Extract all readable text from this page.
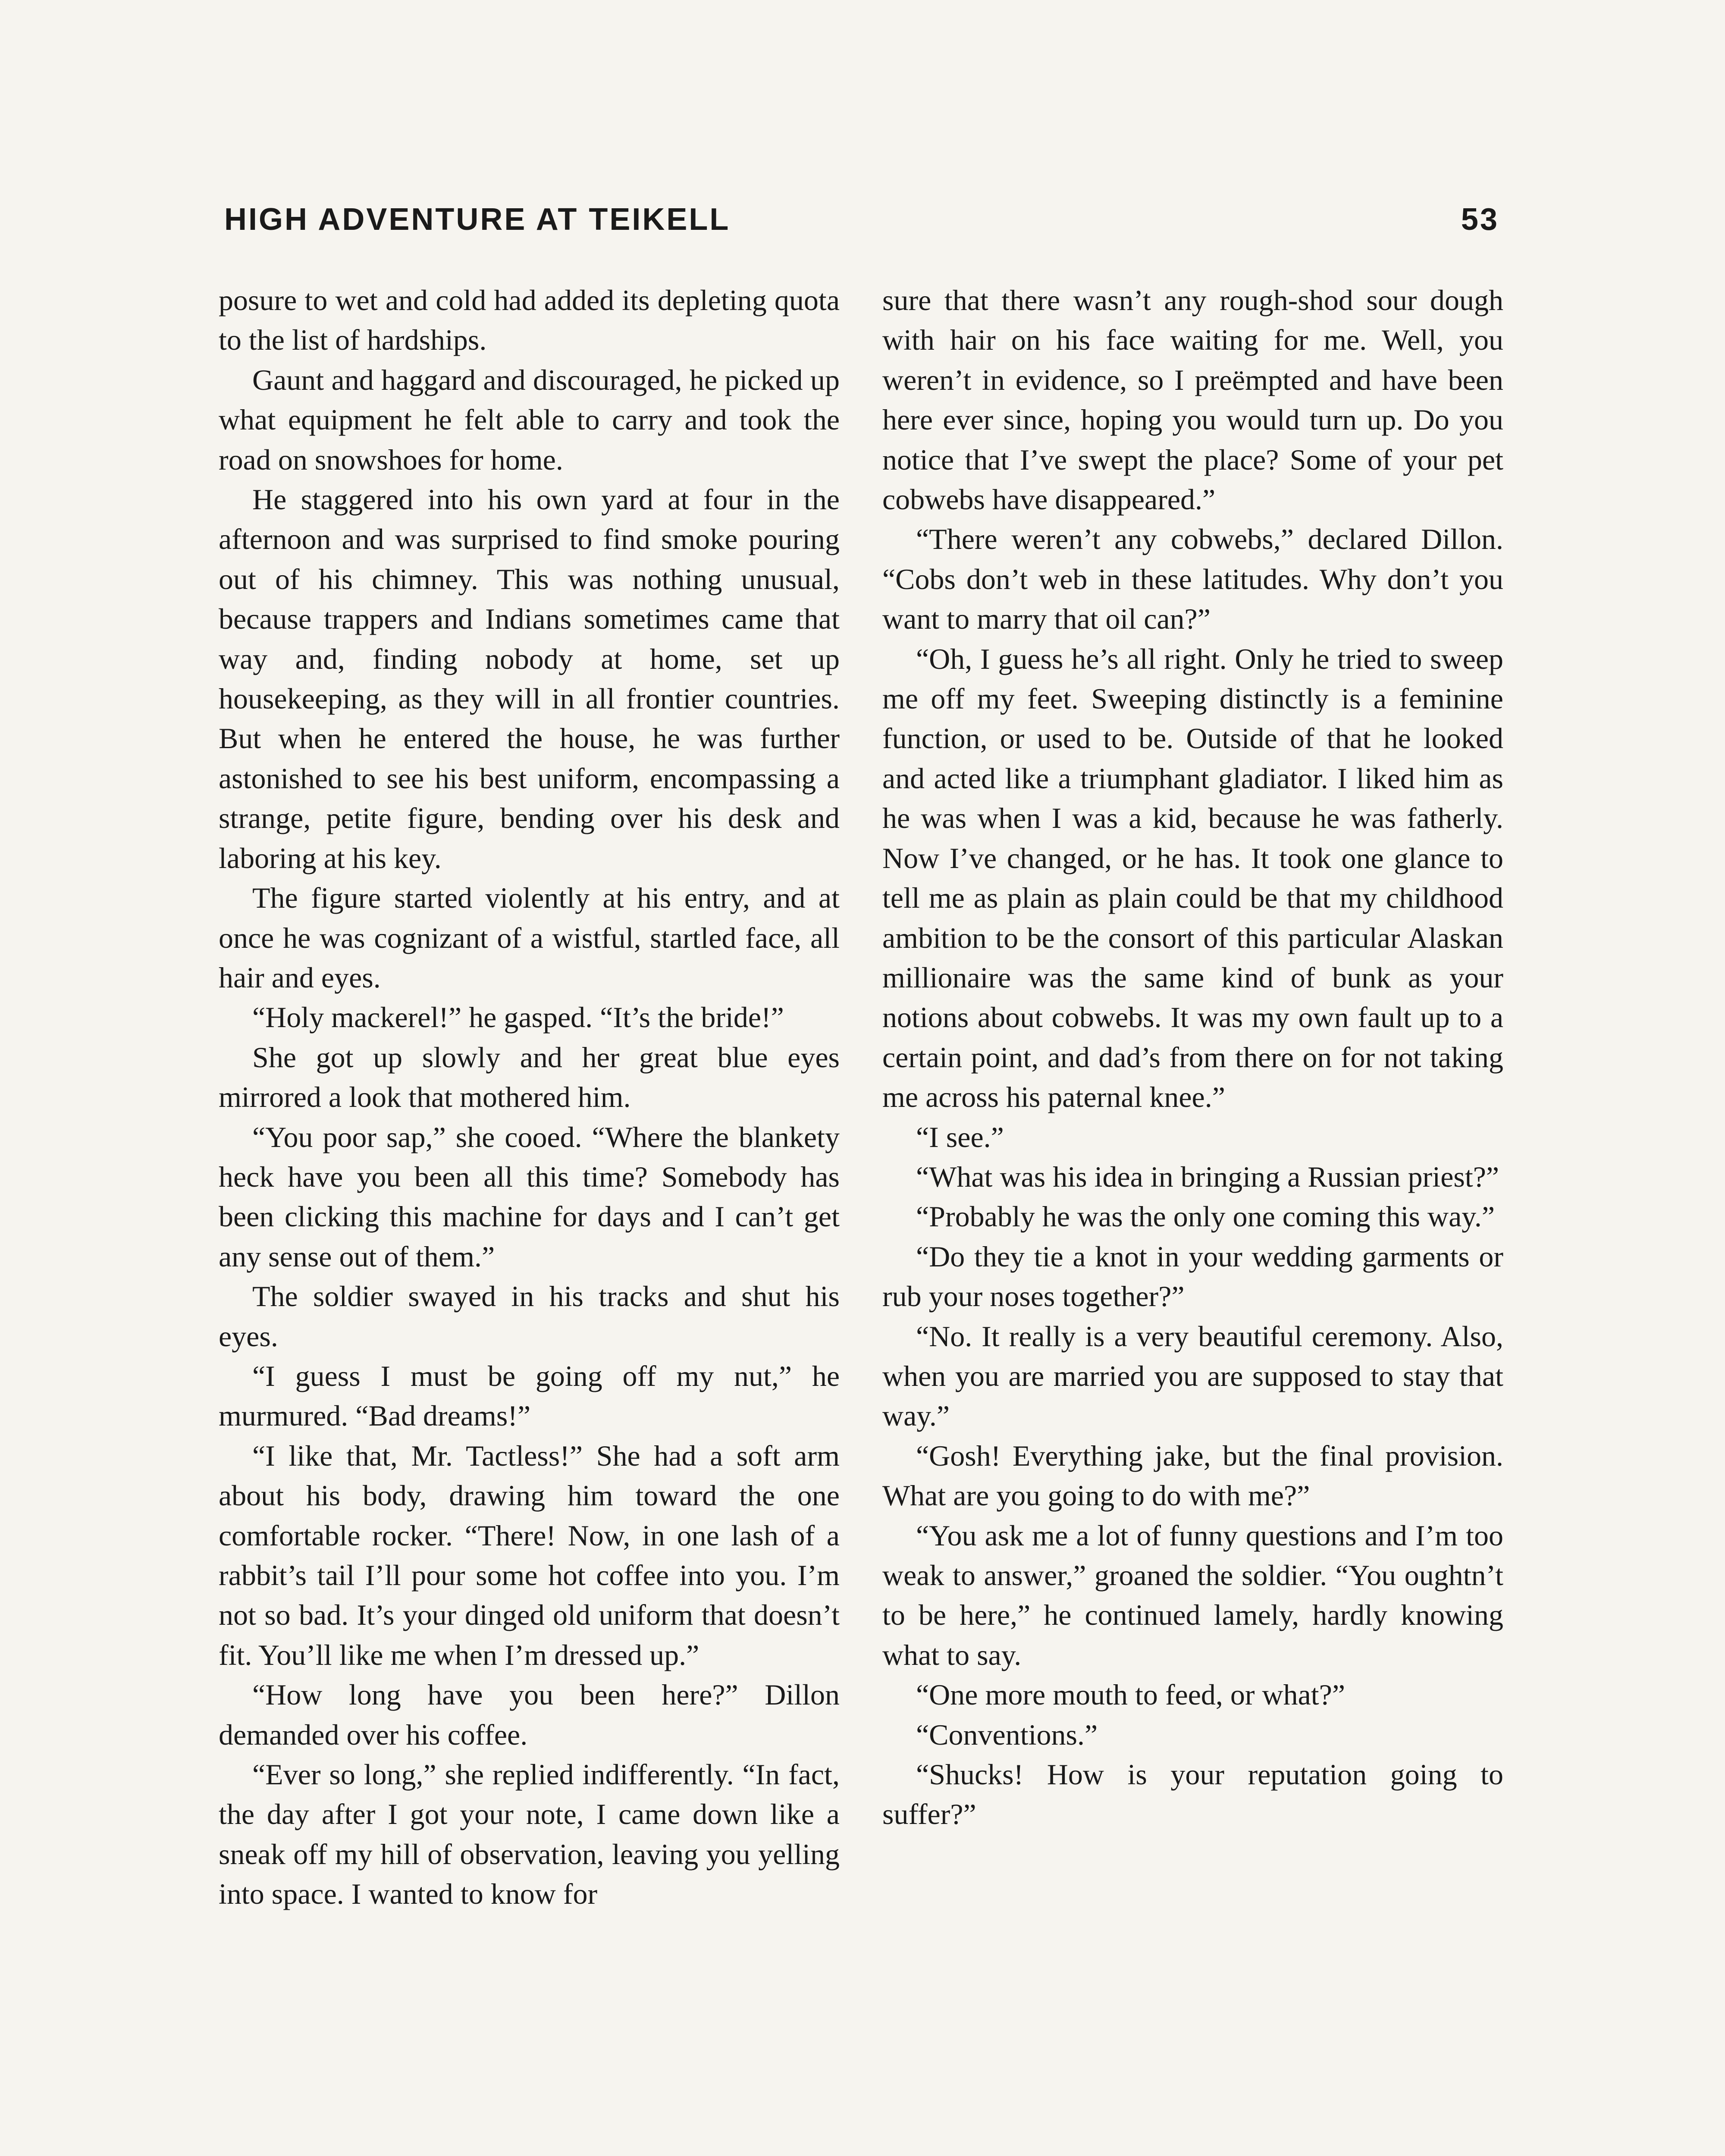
HIGH ADVENTURE AT TEIKELL	53

posure to wet and cold had added its depleting quota to the list of hardships.

Gaunt and haggard and discouraged, he picked up what equipment he felt able to carry and took the road on snowshoes for home.

He staggered into his own yard at four in the afternoon and was surprised to find smoke pouring out of his chimney. This was nothing unusual, because trappers and Indians sometimes came that way and, finding nobody at home, set up housekeeping, as they will in all frontier countries. But when he entered the house, he was further astonished to see his best uniform, encompassing a strange, petite figure, bending over his desk and laboring at his key.

The figure started violently at his entry, and at once he was cognizant of a wistful, startled face, all hair and eyes.

“Holy mackerel!” he gasped. “It’s the bride!”

She got up slowly and her great blue eyes mirrored a look that mothered him.

“You poor sap,” she cooed. “Where the blankety heck have you been all this time? Somebody has been clicking this machine for days and I can’t get any sense out of them.”

The soldier swayed in his tracks and shut his eyes.

“I guess I must be going off my nut,” he murmured. “Bad dreams!”

“I like that, Mr. Tactless!” She had a soft arm about his body, drawing him toward the one comfortable rocker. “There! Now, in one lash of a rabbit’s tail I’ll pour some hot coffee into you. I’m not so bad. It’s your dinged old uniform that doesn’t fit. You’ll like me when I’m dressed up.”

“How long have you been here?” Dillon demanded over his coffee.

“Ever so long,” she replied indifferently. “In fact, the day after I got your note, I came down like a sneak off my hill of observation, leaving you yelling into space. I wanted to know for

sure that there wasn’t any rough-shod sour dough with hair on his face waiting for me. Well, you weren’t in evidence, so I preëmpted and have been here ever since, hoping you would turn up. Do you notice that I’ve swept the place? Some of your pet cobwebs have disappeared.”

“There weren’t any cobwebs,” declared Dillon. “Cobs don’t web in these latitudes. Why don’t you want to marry that oil can?”

“Oh, I guess he’s all right. Only he tried to sweep me off my feet. Sweeping distinctly is a feminine function, or used to be. Outside of that he looked and acted like a triumphant gladiator. I liked him as he was when I was a kid, because he was fatherly. Now I’ve changed, or he has. It took one glance to tell me as plain as plain could be that my childhood ambition to be the consort of this particular Alaskan millionaire was the same kind of bunk as your notions about cobwebs. It was my own fault up to a certain point, and dad’s from there on for not taking me across his paternal knee.”

“I see.”

“What was his idea in bringing a Russian priest?”

“Probably he was the only one coming this way.”

“Do they tie a knot in your wedding garments or rub your noses together?”

“No. It really is a very beautiful ceremony. Also, when you are married you are supposed to stay that way.”

“Gosh! Everything jake, but the final provision. What are you going to do with me?”

“You ask me a lot of funny questions and I’m too weak to answer,” groaned the soldier. “You oughtn’t to be here,” he continued lamely, hardly knowing what to say.

“One more mouth to feed, or what?”

“Conventions.”

“Shucks! How is your reputation going to suffer?”
